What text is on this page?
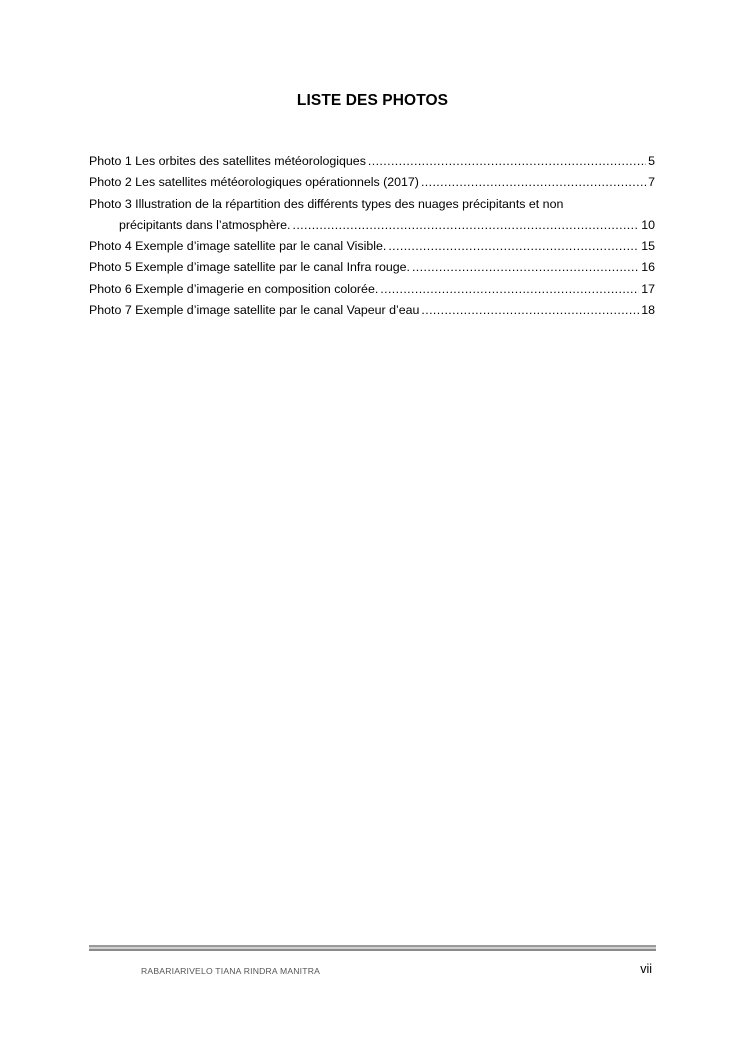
LISTE DES PHOTOS
Photo 1 Les orbites des satellites météorologiques .....	5
Photo 2 Les satellites météorologiques opérationnels (2017) .....	7
Photo 3 Illustration de la répartition des différents types des nuages précipitants et non
précipitants dans l’atmosphère. .....	10
Photo 4 Exemple d’image satellite par le canal Visible. .....	15
Photo 5 Exemple d’image satellite par le canal Infra rouge. .....	16
Photo 6 Exemple d’imagerie en composition colorée. .....	17
Photo 7 Exemple d’image satellite par le canal Vapeur d’eau .....	18
RABARIARIVELO TIANA RINDRA MANITRA	vii
